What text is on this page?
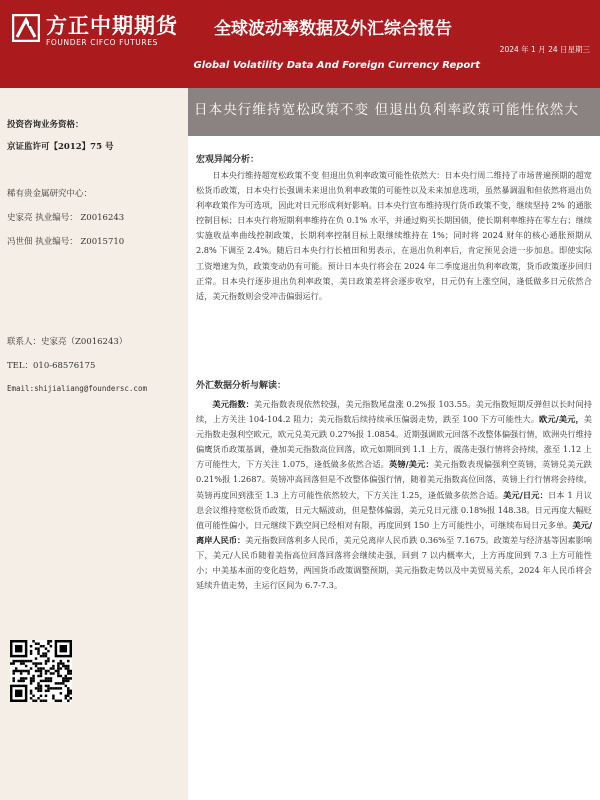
方正中期期货
FOUNDER CIFCO FUTURES
全球波动率数据及外汇综合报告
2024 年 1 月 24 日星期三
Global Volatility Data And Foreign Currency Report
投资咨询业务资格：
京证监许可【2012】75 号
稀有贵金属研究中心：
史家亮 执业编号： Z0016243
冯世佃 执业编号： Z0015710
联系人：史家亮（Z0016243）
TEL：010-68576175
Email:shijialiang@foundersc.com
日本央行维持宽松政策不变 但退出负利率政策可能性依然大
宏观异闻分析：
日本央行维持超宽松政策不变 但退出负利率政策可能性依然大：日本央行周二维持了市场普遍预期的超宽松货币政策，日本央行长强调未来退出负利率政策的可能性以及未来加息选项，虽然暴调温和但依然将退出负利率政策作为可选项，因此对日元形成利好影响。日本央行宣布维持现行货币政策不变，继续坚持 2% 的通胀控制目标；日本央行将短期利率维持在负 0.1% 水平，并通过购买长期国债，使长期利率维持在零左右；继续实施收益率曲线控制政策，长期利率控制目标上限继续维持在 1%；同时将 2024 财年的核心通胀预期从 2.8% 下调至 2.4%。随后日本央行行长植田和男表示，在退出负利率后，肯定预见会进一步加息。即使实际工资增速为负，政策变动仍有可能。预计日本央行将会在 2024 年二季度退出负利率政策，货币政策逐步回归正常。日本央行逐步退出负利率政策，美日政策差将会逐步收窄，日元仍有上涨空间，逢低做多日元依然合适，美元指数则会受冲击偏弱运行。
外汇数据分析与解读：
美元指数：美元指数表现依然较强，美元指数尾盘涨 0.2%报 103.55。美元指数短期反弹但以长时间持续，上方关注 104-104.2 阻力；美元指数后续持续承压偏弱走势，跌至 100 下方可能性大。欧元/美元，美元指数走强利空欧元，欧元兑美元跌 0.27%报 1.0854。近期强调欧元回落不改整体偏强行情，欧洲央行维持偏鹰货币政策基调，叠加美元指数高位回落，欧元如期回到 1.1 上方，震荡走强行情将会持续，涨至 1.12 上方可能性大，下方关注 1.075，逢低做多依然合适。英镑/美元：美元指数表现偏强利空英镑，英镑兑美元跌 0.21%报 1.2687。英镑冲高回落但是不改整体偏强行情，随着美元指数高位回落，英镑上行行情将会持续，英镑再度回到涨至 1.3 上方可能性依然较大，下方关注 1.25，逢低做多依然合适。美元/日元：日本 1 月议息会议维持宽松货币政策，日元大幅波动，但是整体偏弱，美元兑日元涨 0.18%报 148.38。日元再度大幅贬值可能性偏小，日元继续下跌空间已经相对有限，再度回到 150 上方可能性小，可继续布局日元多单。美元/离岸人民币：美元指数回落利多人民币，美元兑离岸人民币跌 0.36%至 7.1675。政策差与经济基等因素影响下，美元/人民币随着美指高位回落回落将会继续走强，回到 7 以内概率大，上方再度回到 7.3 上方可能性小；中美基本面的变化趋势，两国货币政策调整预期，美元指数走势以及中美贸易关系，2024 年人民币将会延续升值走势，主运行区间为 6.7-7.3。
